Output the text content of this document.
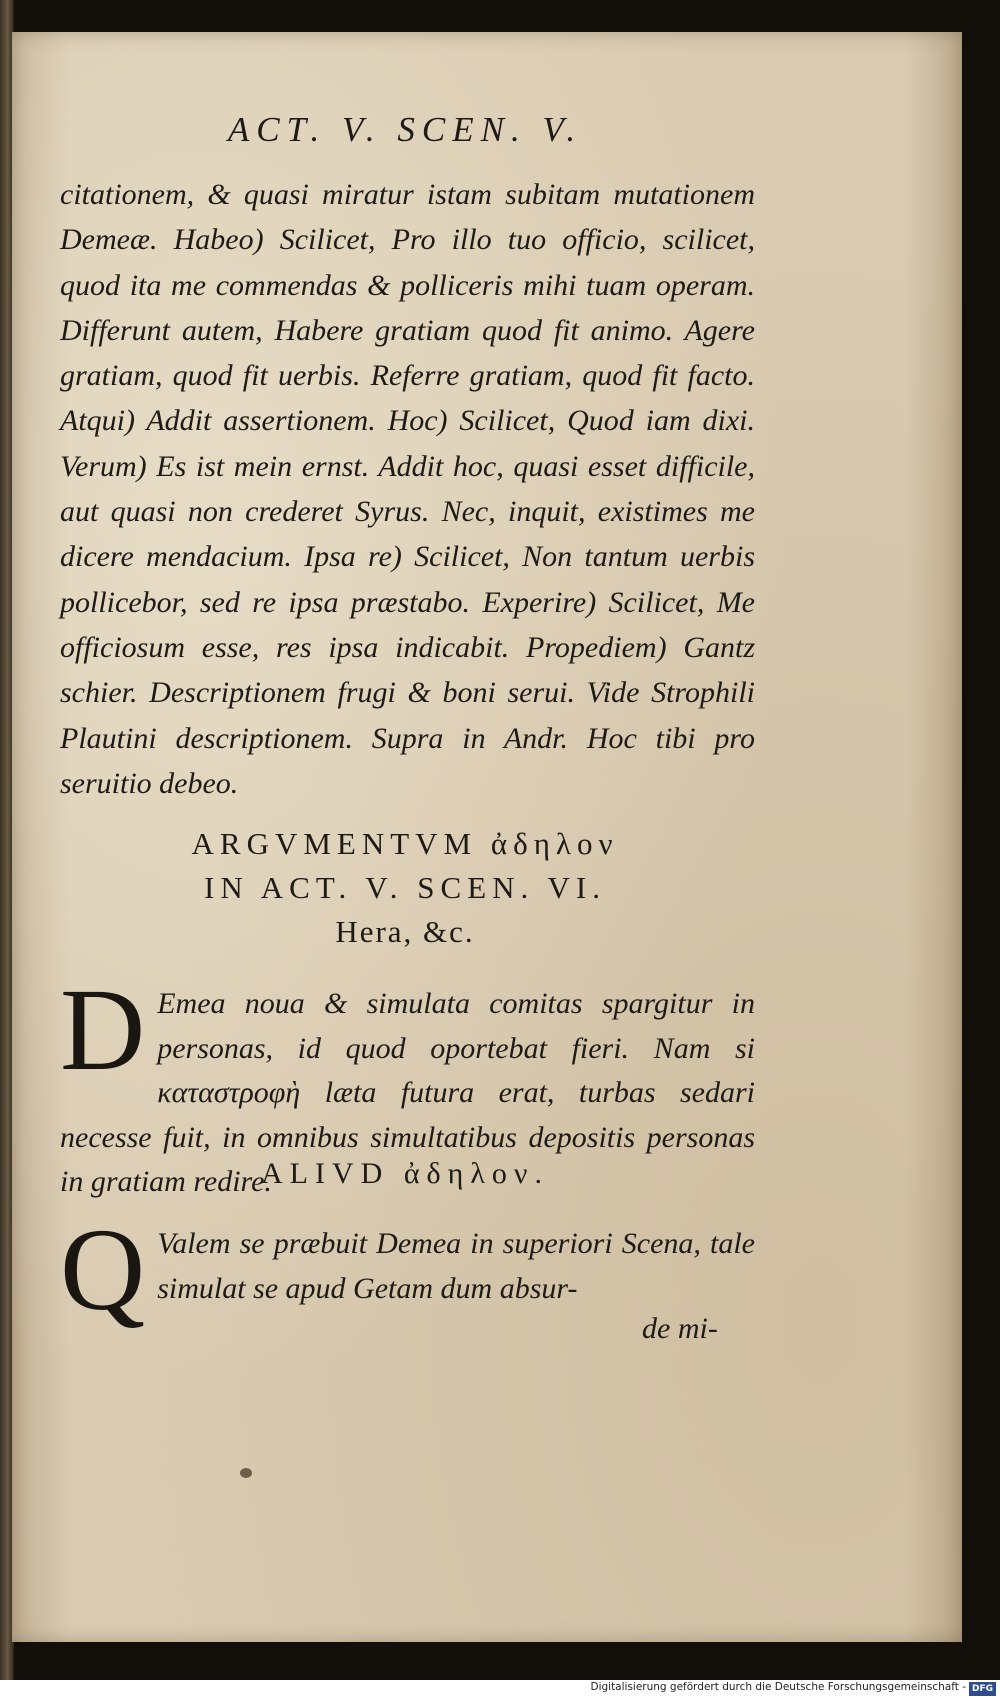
ACT. V. SCEN. V.
citationem, & quasi miratur istam subitam mutationem Demeæ. Habeo) Scilicet, Pro illo tuo officio, scilicet, quod ita me commendas & polliceris mihi tuam operam. Differunt autem, Habere gratiam quod fit animo. Agere gratiam, quod fit uerbis. Referre gratiam, quod fit facto. Atqui) Addit assertionem. Hoc) Scilicet, Quod iam dixi. Verum) Es ist mein ernst. Addit hoc, quasi esset difficile, aut quasi non crederet Syrus. Nec, inquit, existimes me dicere mendacium. Ipsa re) Scilicet, Non tantum uerbis pollicebor, sed re ipsa præstabo. Experire) Scilicet, Me officiosum esse, res ipsa indicabit. Propediem) Gantz schier. Descriptionem frugi & boni serui. Vide Strophili Plautini descriptionem. Supra in Andr. Hoc tibi pro seruitio debeo.
ARGVMENTVM ἀδηλον
IN ACT. V. SCEN. VI.
Hera, &c.
D Emea noua & simulata comitas spargitur in personas, id quod oportebat fieri. Nam si καταστροφὴ læta futura erat, turbas sedari necesse fuit, in omnibus simultatibus depositis personas in gratiam redire.
ALIVD ἀδηλον.
Q Valem se præbuit Demea in superiori Scena, tale simulat se apud Getam dum absur-
de mi-
Digitalisierung gefördert durch die Deutsche Forschungsgemeinschaft - DFG
